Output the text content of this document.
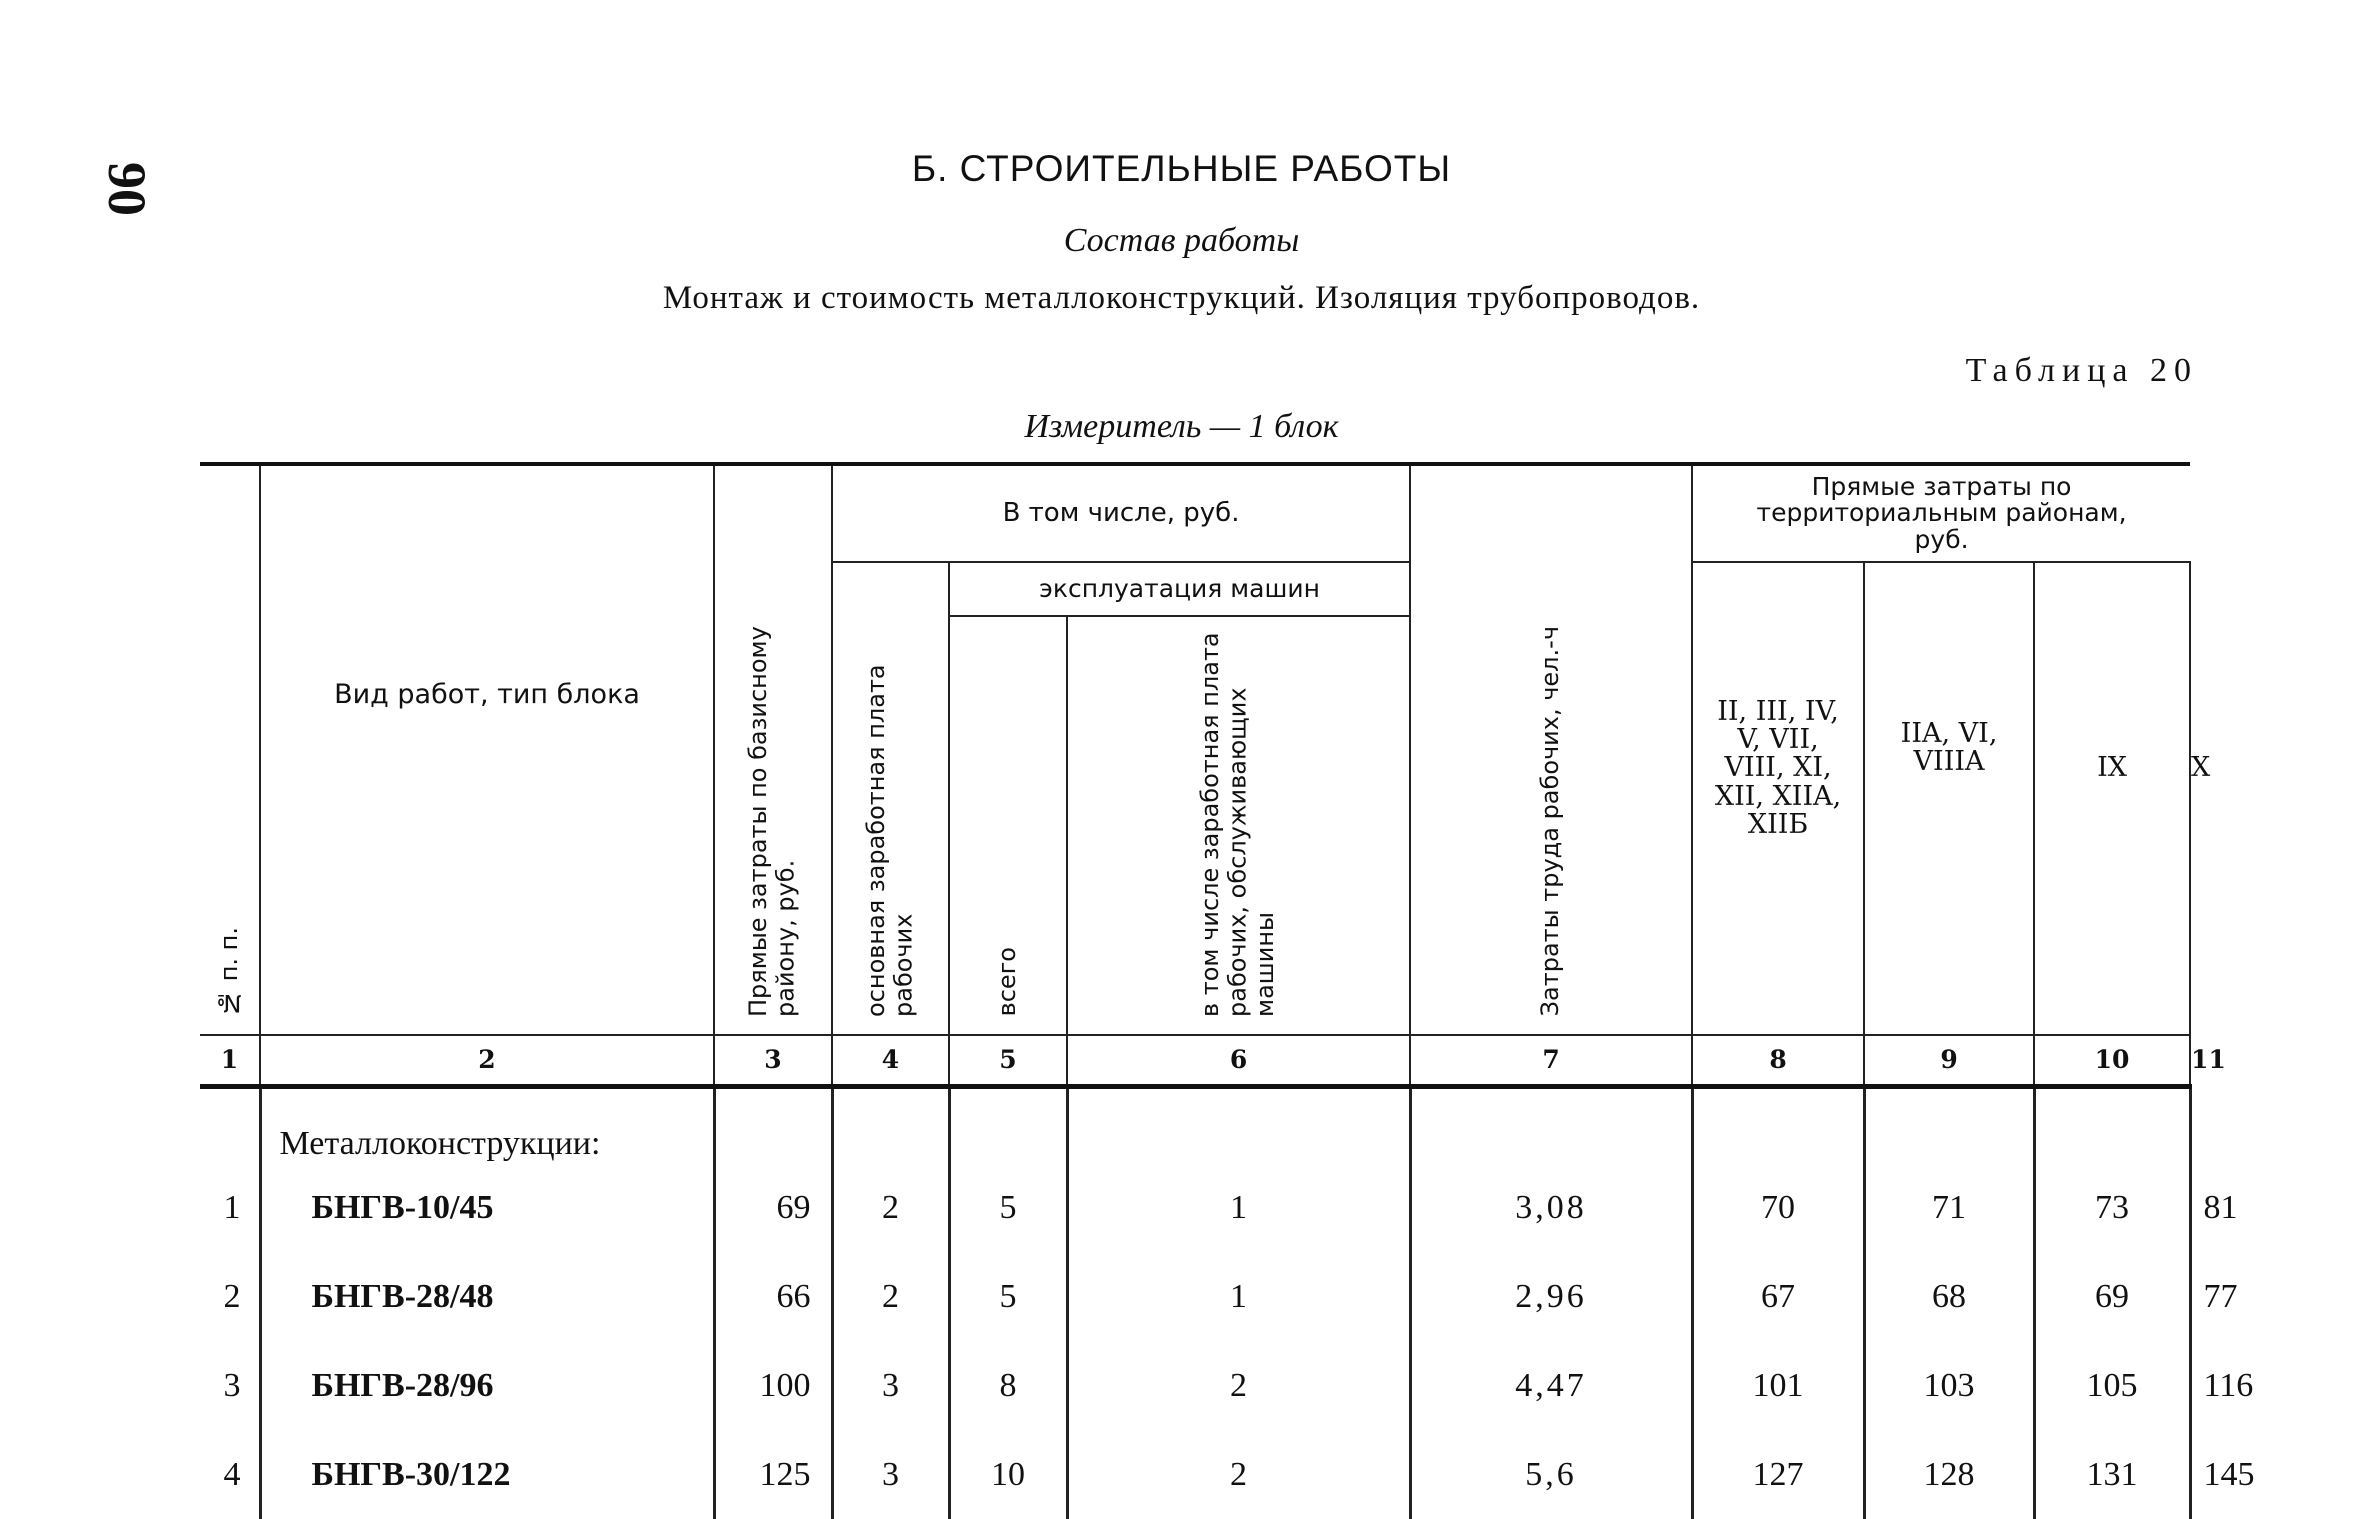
90	Б. СТРОИТЕЛЬНЫЕ РАБОТЫ
Состав работы
Монтаж и стоимость металлоконструкций. Изоляция трубопроводов.
Таблица 20
Измеритель — 1 блок
№ п. п.	Вид работ, тип блока	Прямые затраты по базисному району, руб.	В том числе, руб.			Затраты труда рабочих, чел.-ч	Прямые затраты по территориальным районам, руб.			
			основная заработная плата рабочих	эксплуатация машин			II, III, IV, V, VII, VIII, XI, XII, XIIA, XIIБ	IIA, VI, VIIIA	IX	X
				всего	в том числе заработная плата рабочих, обслуживающих машины					
1	2	3	4	5	6	7	8	9	10	11
	Металлоконструкции:									
1	БНГВ-10/45	69	2	5	1	3,08	70	71	73	81
2	БНГВ-28/48	66	2	5	1	2,96	67	68	69	77
3	БНГВ-28/96	100	3	8	2	4,47	101	103	105	116
4	БНГВ-30/122	125	3	10	2	5,6	127	128	131	145
